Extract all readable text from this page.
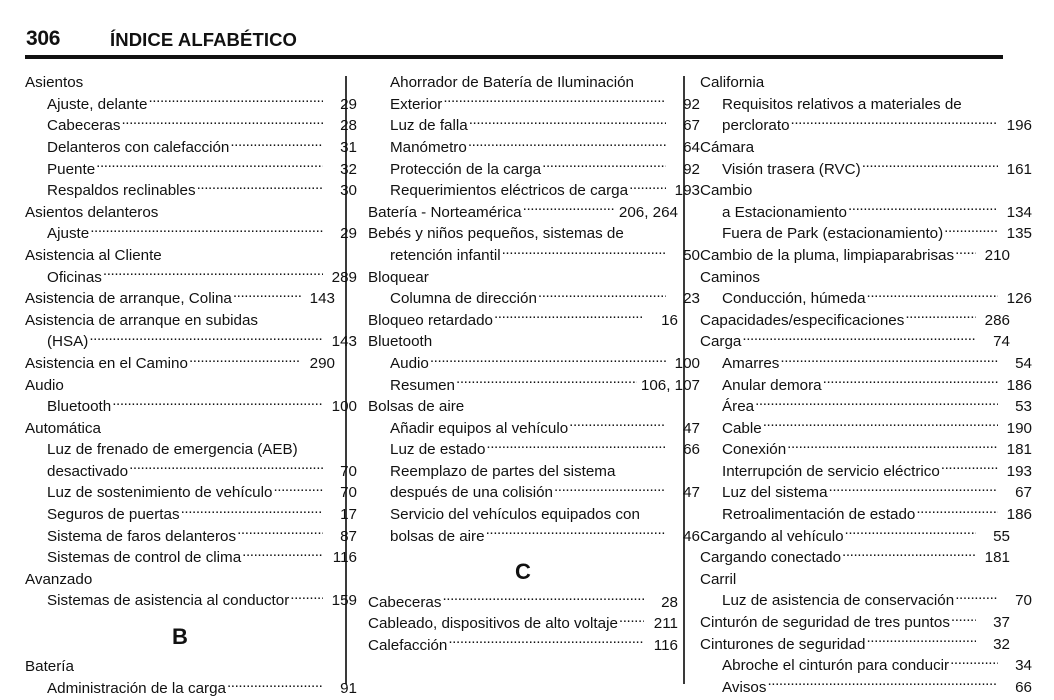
306	ÍNDICE ALFABÉTICO
Asientos
Ajuste, delante .....	29
Cabeceras .....	28
Delanteros con calefacción .....	31
Puente .....	32
Respaldos reclinables .....	30
Asientos delanteros
Ajuste .....	29
Asistencia al Cliente
Oficinas .....	289
Asistencia de arranque, Colina .....	143
Asistencia de arranque en subidas
(HSA) .....	143
Asistencia en el Camino .....	290
Audio
Bluetooth .....	100
Automática
Luz de frenado de emergencia (AEB)
desactivado .....	70
Luz de sostenimiento de vehículo .....	70
Seguros de puertas .....	17
Sistema de faros delanteros .....	87
Sistemas de control de clima .....	116
Avanzado
Sistemas de asistencia al conductor .....	159
B
Batería
Administración de la carga .....	91
Ahorrador de Batería de Iluminación
Exterior .....	92
Luz de falla .....	67
Manómetro .....	64
Protección de la carga .....	92
Requerimientos eléctricos de carga .....	193
Batería - Norteamérica .....	206, 264
Bebés y niños pequeños, sistemas de
retención infantil .....	50
Bloquear
Columna de dirección .....	23
Bloqueo retardado .....	16
Bluetooth
Audio .....	100
Resumen .....	106, 107
Bolsas de aire
Añadir equipos al vehículo .....	47
Luz de estado .....	66
Reemplazo de partes del sistema
después de una colisión .....	47
Servicio del vehículos equipados con
bolsas de aire .....	46
C
Cabeceras .....	28
Cableado, dispositivos de alto voltaje .....	211
Calefacción .....	116
California
Requisitos relativos a materiales de
perclorato .....	196
Cámara
Visión trasera (RVC) .....	161
Cambio
a Estacionamiento .....	134
Fuera de Park (estacionamiento) .....	135
Cambio de la pluma, limpiaparabrisas .....	210
Caminos
Conducción, húmeda .....	126
Capacidades/especificaciones .....	286
Carga .....	74
Amarres .....	54
Anular demora .....	186
Área .....	53
Cable .....	190
Conexión .....	181
Interrupción de servicio eléctrico .....	193
Luz del sistema .....	67
Retroalimentación de estado .....	186
Cargando al vehículo .....	55
Cargando conectado .....	181
Carril
Luz de asistencia de conservación .....	70
Cinturón de seguridad de tres puntos .....	37
Cinturones de seguridad .....	32
Abroche el cinturón para conducir .....	34
Avisos .....	66
